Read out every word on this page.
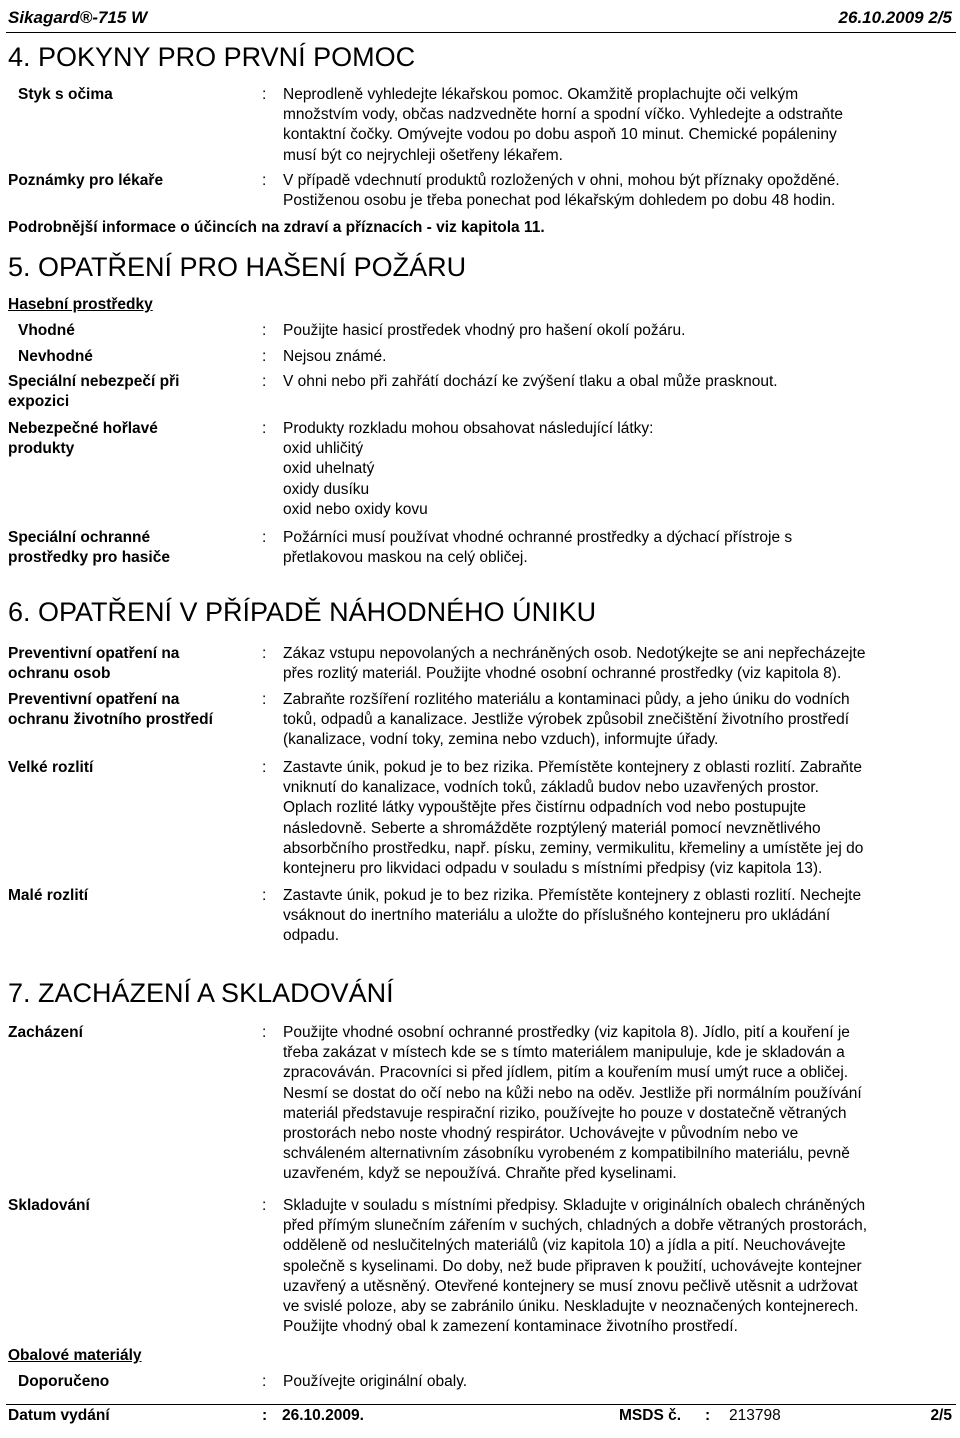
Sikagard®-715 W	26.10.2009 2/5
4. POKYNY PRO PRVNÍ POMOC
Styk s očima	: Neprodleně vyhledejte lékařskou pomoc. Okamžitě proplachujte oči velkým
množstvím vody, občas nadzvedněte horní a spodní víčko. Vyhledejte a odstraňte
kontaktní čočky. Omývejte vodou po dobu aspoň 10 minut. Chemické popáleniny
musí být co nejrychleji ošetřeny lékařem.
Poznámky pro lékaře	: V případě vdechnutí produktů rozložených v ohni, mohou být příznaky opožděné.
Postiženou osobu je třeba ponechat pod lékařským dohledem po dobu 48 hodin.
Podrobnější informace o účincích na zdraví a příznacích - viz kapitola 11.
5. OPATŘENÍ PRO HAŠENÍ POŽÁRU
Hasební prostředky
Vhodné	: Použijte hasicí prostředek vhodný pro hašení okolí požáru.
Nevhodné	: Nejsou známé.
Speciální nebezpečí při
expozici
: V ohni nebo při zahřátí dochází ke zvýšení tlaku a obal může prasknout.
Nebezpečné hořlavé
produkty
: Produkty rozkladu mohou obsahovat následující látky:
oxid uhličitý
oxid uhelnatý
oxidy dusíku
oxid nebo oxidy kovu
Speciální ochranné
prostředky pro hasiče
: Požárníci musí používat vhodné ochranné prostředky a dýchací přístroje s
přetlakovou maskou na celý obličej.
6. OPATŘENÍ V PŘÍPADĚ NÁHODNÉHO ÚNIKU
Preventivní opatření na
ochranu osob
: Zákaz vstupu nepovolaných a nechráněných osob. Nedotýkejte se ani nepřecházejte
přes rozlitý materiál. Použijte vhodné osobní ochranné prostředky (viz kapitola 8).
Preventivní opatření na
ochranu životního prostředí
: Zabraňte rozšíření rozlitého materiálu a kontaminaci půdy, a jeho úniku do vodních
toků, odpadů a kanalizace. Jestliže výrobek způsobil znečištění životního prostředí
(kanalizace, vodní toky, zemina nebo vzduch), informujte úřady.
Velké rozlití	: Zastavte únik, pokud je to bez rizika. Přemístěte kontejnery z oblasti rozlití. Zabraňte
vniknutí do kanalizace, vodních toků, základů budov nebo uzavřených prostor.
Oplach rozlité látky vypouštějte přes čistírnu odpadních vod nebo postupujte
následovně. Seberte a shromážděte rozptýlený materiál pomocí nevznětlivého
absorbčního prostředku, např. písku, zeminy, vermikulitu, křemeliny a umístěte jej do
kontejneru pro likvidaci odpadu v souladu s místními předpisy (viz kapitola 13).
Malé rozlití	: Zastavte únik, pokud je to bez rizika. Přemístěte kontejnery z oblasti rozlití. Nechejte
vsáknout do inertního materiálu a uložte do příslušného kontejneru pro ukládání
odpadu.
7. ZACHÁZENÍ A SKLADOVÁNÍ
Zacházení	: Použijte vhodné osobní ochranné prostředky (viz kapitola 8). Jídlo, pití a kouření je
třeba zakázat v místech kde se s tímto materiálem manipuluje, kde je skladován a
zpracováván. Pracovníci si před jídlem, pitím a kouřením musí umýt ruce a obličej.
Nesmí se dostat do očí nebo na kůži nebo na oděv. Jestliže při normálním používání
materiál představuje respirační riziko, používejte ho pouze v dostatečně větraných
prostorách nebo noste vhodný respirátor. Uchovávejte v původním nebo ve
schváleném alternativním zásobníku vyrobeném z kompatibilního materiálu, pevně
uzavřeném, když se nepoužívá. Chraňte před kyselinami.
Skladování	: Skladujte v souladu s místními předpisy. Skladujte v originálních obalech chráněných
před přímým slunečním zářením v suchých, chladných a dobře větraných prostorách,
odděleně od neslučitelných materiálů (viz kapitola 10) a jídla a pití. Neuchovávejte
společně s kyselinami. Do doby, než bude připraven k použití, uchovávejte kontejner
uzavřený a utěsněný. Otevřené kontejnery se musí znovu pečlivě utěsnit a udržovat
ve svislé poloze, aby se zabránilo úniku. Neskladujte v neoznačených kontejnerech.
Použijte vhodný obal k zamezení kontaminace životního prostředí.
Obalové materiály
Doporučeno	: Používejte originální obaly.
Datum vydání	: 26.10.2009.	MSDS č. : 213798	2/5
